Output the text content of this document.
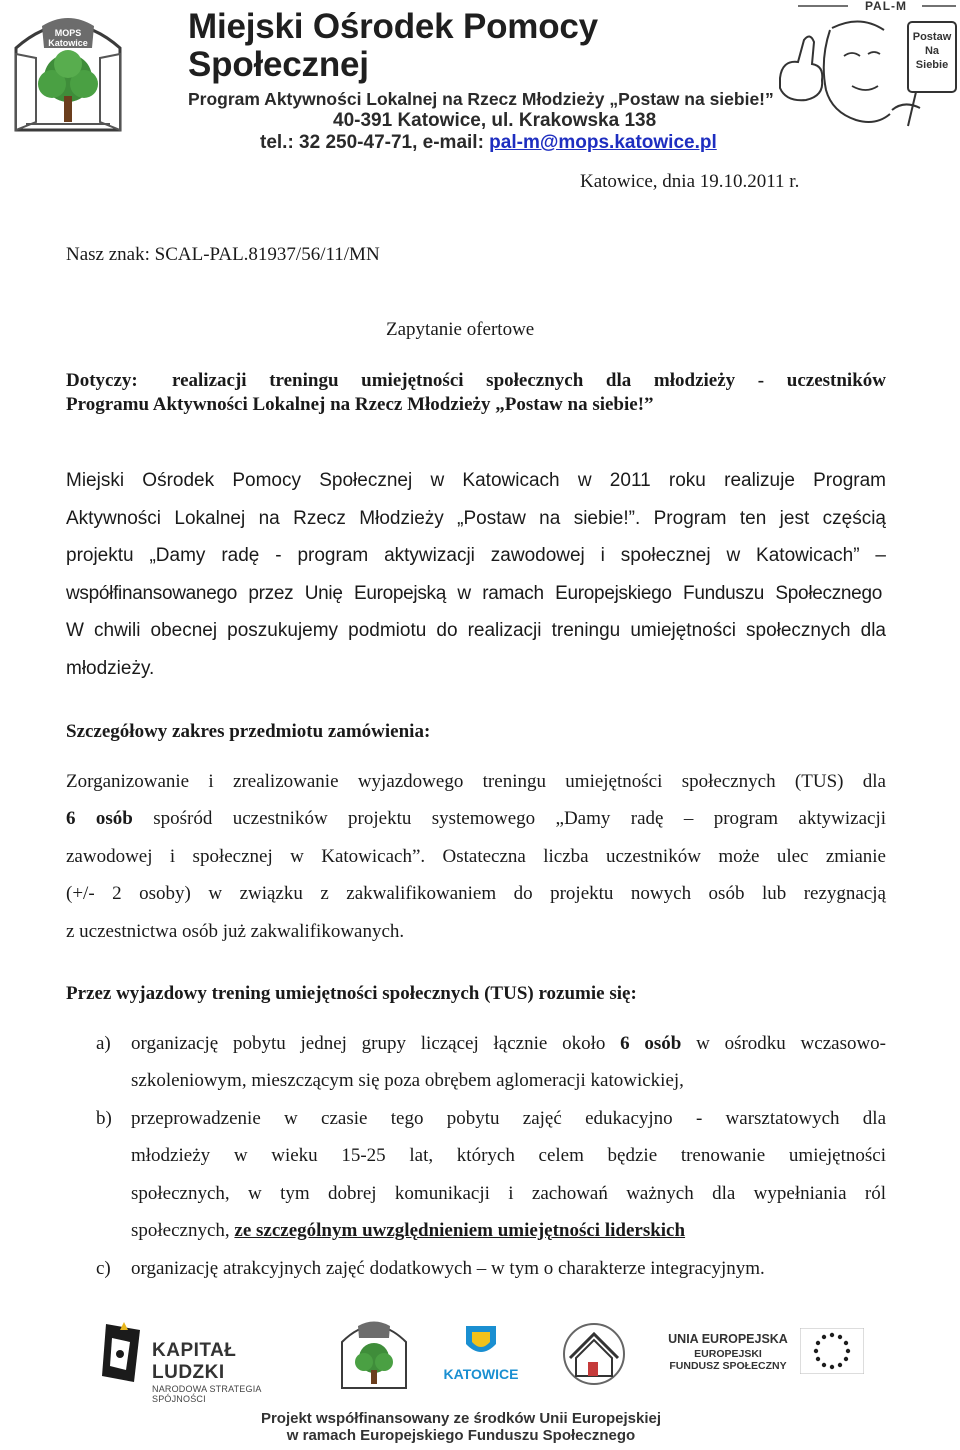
MOPS
Katowice	Miejski Ośrodek Pomocy Społecznej
Program Aktywności Lokalnej na Rzecz Młodzieży „Postaw na siebie!”
40-391 Katowice, ul. Krakowska 138
tel.: 32 250-47-71, e-mail: pal-m@mops.katowice.pl
PAL-M
Postaw Na Siebie
Katowice, dnia 19.10.2011 r.
Nasz znak: SCAL-PAL.81937/56/11/MN
Zapytanie ofertowe
Dotyczy: realizacji treningu umiejętności społecznych dla młodzieży - uczestników
Programu Aktywności Lokalnej na Rzecz Młodzieży „Postaw na siebie!”
Miejski Ośrodek Pomocy Społecznej w Katowicach w 2011 roku realizuje Program
Aktywności Lokalnej na Rzecz Młodzieży „Postaw na siebie!”. Program ten jest częścią
projektu „Damy radę - program aktywizacji zawodowej i społecznej w Katowicach” –
współfinansowanego przez Unię Europejską w ramach Europejskiego Funduszu Społecznego
W chwili obecnej poszukujemy podmiotu do realizacji treningu umiejętności społecznych dla
młodzieży.
Szczegółowy zakres przedmiotu zamówienia:
Zorganizowanie i zrealizowanie wyjazdowego treningu umiejętności społecznych (TUS) dla
6 osób spośród uczestników projektu systemowego „Damy radę – program aktywizacji
zawodowej i społecznej w Katowicach”. Ostateczna liczba uczestników może ulec zmianie
(+/- 2 osoby) w związku z zakwalifikowaniem do projektu nowych osób lub rezygnacją
z uczestnictwa osób już zakwalifikowanych.
Przez wyjazdowy trening umiejętności społecznych (TUS) rozumie się:
a) organizację pobytu jednej grupy liczącej łącznie około 6 osób w ośrodku wczasowo-
szkoleniowym, mieszczącym się poza obrębem aglomeracji katowickiej,
b) przeprowadzenie w czasie tego pobytu zajęć edukacyjno - warsztatowych dla
młodzieży w wieku 15-25 lat, których celem będzie trenowanie umiejętności
społecznych, w tym dobrej komunikacji i zachowań ważnych dla wypełniania ról
społecznych, ze szczególnym uwzględnieniem umiejętności liderskich
c) organizację atrakcyjnych zajęć dodatkowych – w tym o charakterze integracyjnym.
KAPITAŁ LUDZKI
NARODOWA STRATEGIA SPÓJNOŚCI
KATOWICE
UNIA EUROPEJSKA
EUROPEJSKI
FUNDUSZ SPOŁECZNY
Projekt współfinansowany ze środków Unii Europejskiej
w ramach Europejskiego Funduszu Społecznego
